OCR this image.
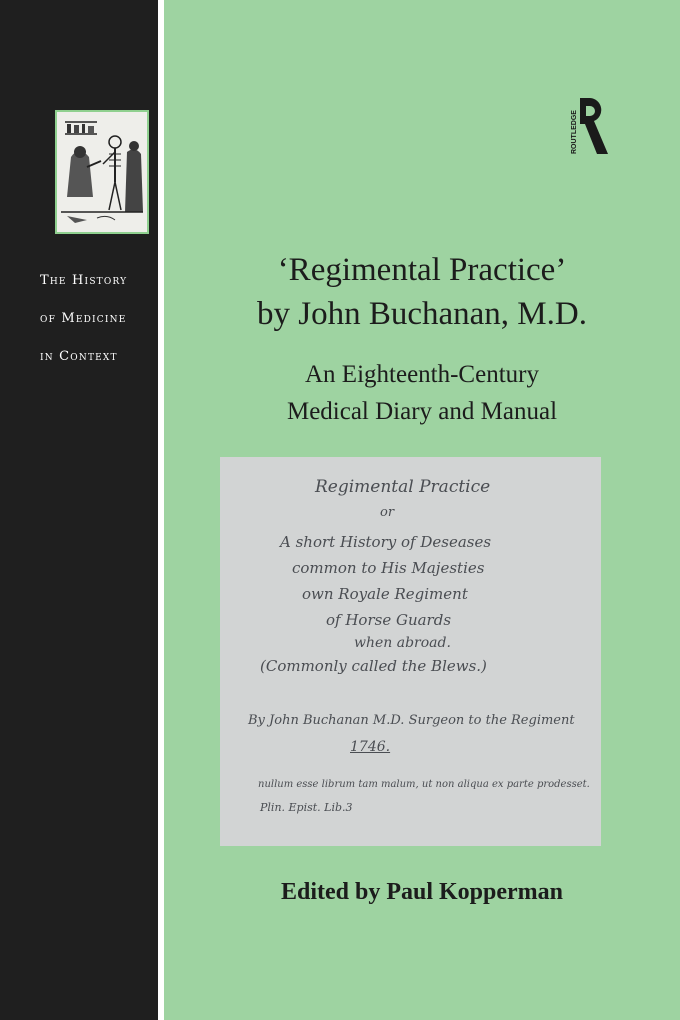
The History
of Medicine
in Context
ROUTLEDGE
‘Regimental Practice’
by John Buchanan, M.D.
An Eighteenth-Century
Medical Diary and Manual
Regimental Practice
or
A short History of Deseases
common to His Majesties
own Royale Regiment
of Horse Guards
when abroad.
(Commonly called the Blews.)
By John Buchanan M.D. Surgeon to the Regiment
1746.
nullum esse librum tam malum, ut non aliqua ex parte prodesset.
Plin. Epist. Lib.3
Edited by Paul Kopperman
